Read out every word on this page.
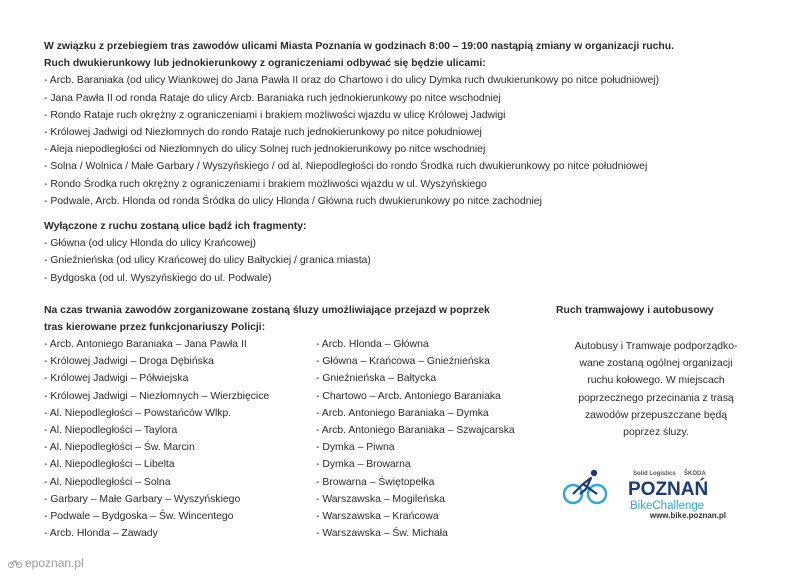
W związku z przebiegiem tras zawodów ulicami Miasta Poznania w godzinach 8:00 – 19:00 nastąpią zmiany w organizacji ruchu.
Ruch dwukierunkowy lub jednokierunkowy z ograniczeniami odbywać się będzie ulicami:
- Arcb. Baraniaka (od ulicy Wiankowej do Jana Pawła II oraz do Chartowo i do ulicy Dymka ruch dwukierunkowy po nitce południowej)
- Jana Pawła II od ronda Rataje do ulicy Arcb. Baraniaka ruch jednokierunkowy po nitce wschodniej
- Rondo Rataje ruch okrężny z ograniczeniami i brakiem możliwości wjazdu w ulicę Królowej Jadwigi
- Królowej Jadwigi od Niezłomnych do rondo Rataje ruch jednokierunkowy po nitce południowej
- Aleja niepodległości od Niezłomnych do ulicy Solnej ruch jednokierunkowy po nitce wschodniej
- Solna / Wolnica / Małe Garbary / Wyszyńskiego / od al. Niepodległości do rondo Środka ruch dwukierunkowy po nitce południowej
- Rondo Środka ruch okrężny z ograniczeniami i brakiem możliwości wjazdu w ul. Wyszyńskiego
- Podwale, Arcb. Hlonda od ronda Śródka do ulicy Hlonda / Główna ruch dwukierunkowy po nitce zachodniej
Wyłączone z ruchu zostaną ulice bądź ich fragmenty:
- Główna (od ulicy Hlonda do ulicy Krańcowej)
- Gnieźnieńska (od ulicy Krańcowej do ulicy Bałtyckiej / granica miasta)
- Bydgoska (od ul. Wyszyńskiego do ul. Podwale)
Na czas trwania zawodów zorganizowane zostaną śluzy umożliwiające przejazd w poprzek
tras kierowane przez funkcjonariuszy Policji:
- Arcb. Antoniego Baraniaka – Jana Pawła II
- Królowej Jadwigi – Droga Dębińska
- Królowej Jadwigi – Półwiejska
- Królowej Jadwigi – Niezłomnych – Wierzbięcice
- Al. Niepodległości – Powstańców Wlkp.
- Al. Niepodległości – Taylora
- Al. Niepodległości – Św. Marcin
- Al. Niepodległości – Libelta
- Al. Niepodległości – Solna
- Garbary – Małe Garbary – Wyszyńskiego
- Podwale – Bydgoska – Św. Wincentego
- Arcb. Hlonda – Zawady
- Arcb. Hlonda – Główna
- Główna – Krańcowa – Gnieźnieńska
- Gnieźnieńska – Bałtycka
- Chartowo – Arcb. Antoniego Baraniaka
- Arcb. Antoniego Baraniaka – Dymka
- Arcb. Antoniego Baraniaka – Szwajcarska
- Dymka – Piwna
- Dymka – Browarna
- Browarna – Świętopełka
- Warszawska – Mogileńska
- Warszawska – Krańcowa
- Warszawska – Św. Michała
Ruch tramwajowy i autobusowy
Autobusy i Tramwaje podporządko-
wane zostaną ogólnej organizacji
ruchu kołowego. W miejscach
poprzecznego przecinania z trasą
zawodów przepuszczane będą
poprzez śluzy.
Solid Logistics ŠKODA
POZNAŃ
BikeChallenge
www.bike.poznan.pl
epoznan.pl
